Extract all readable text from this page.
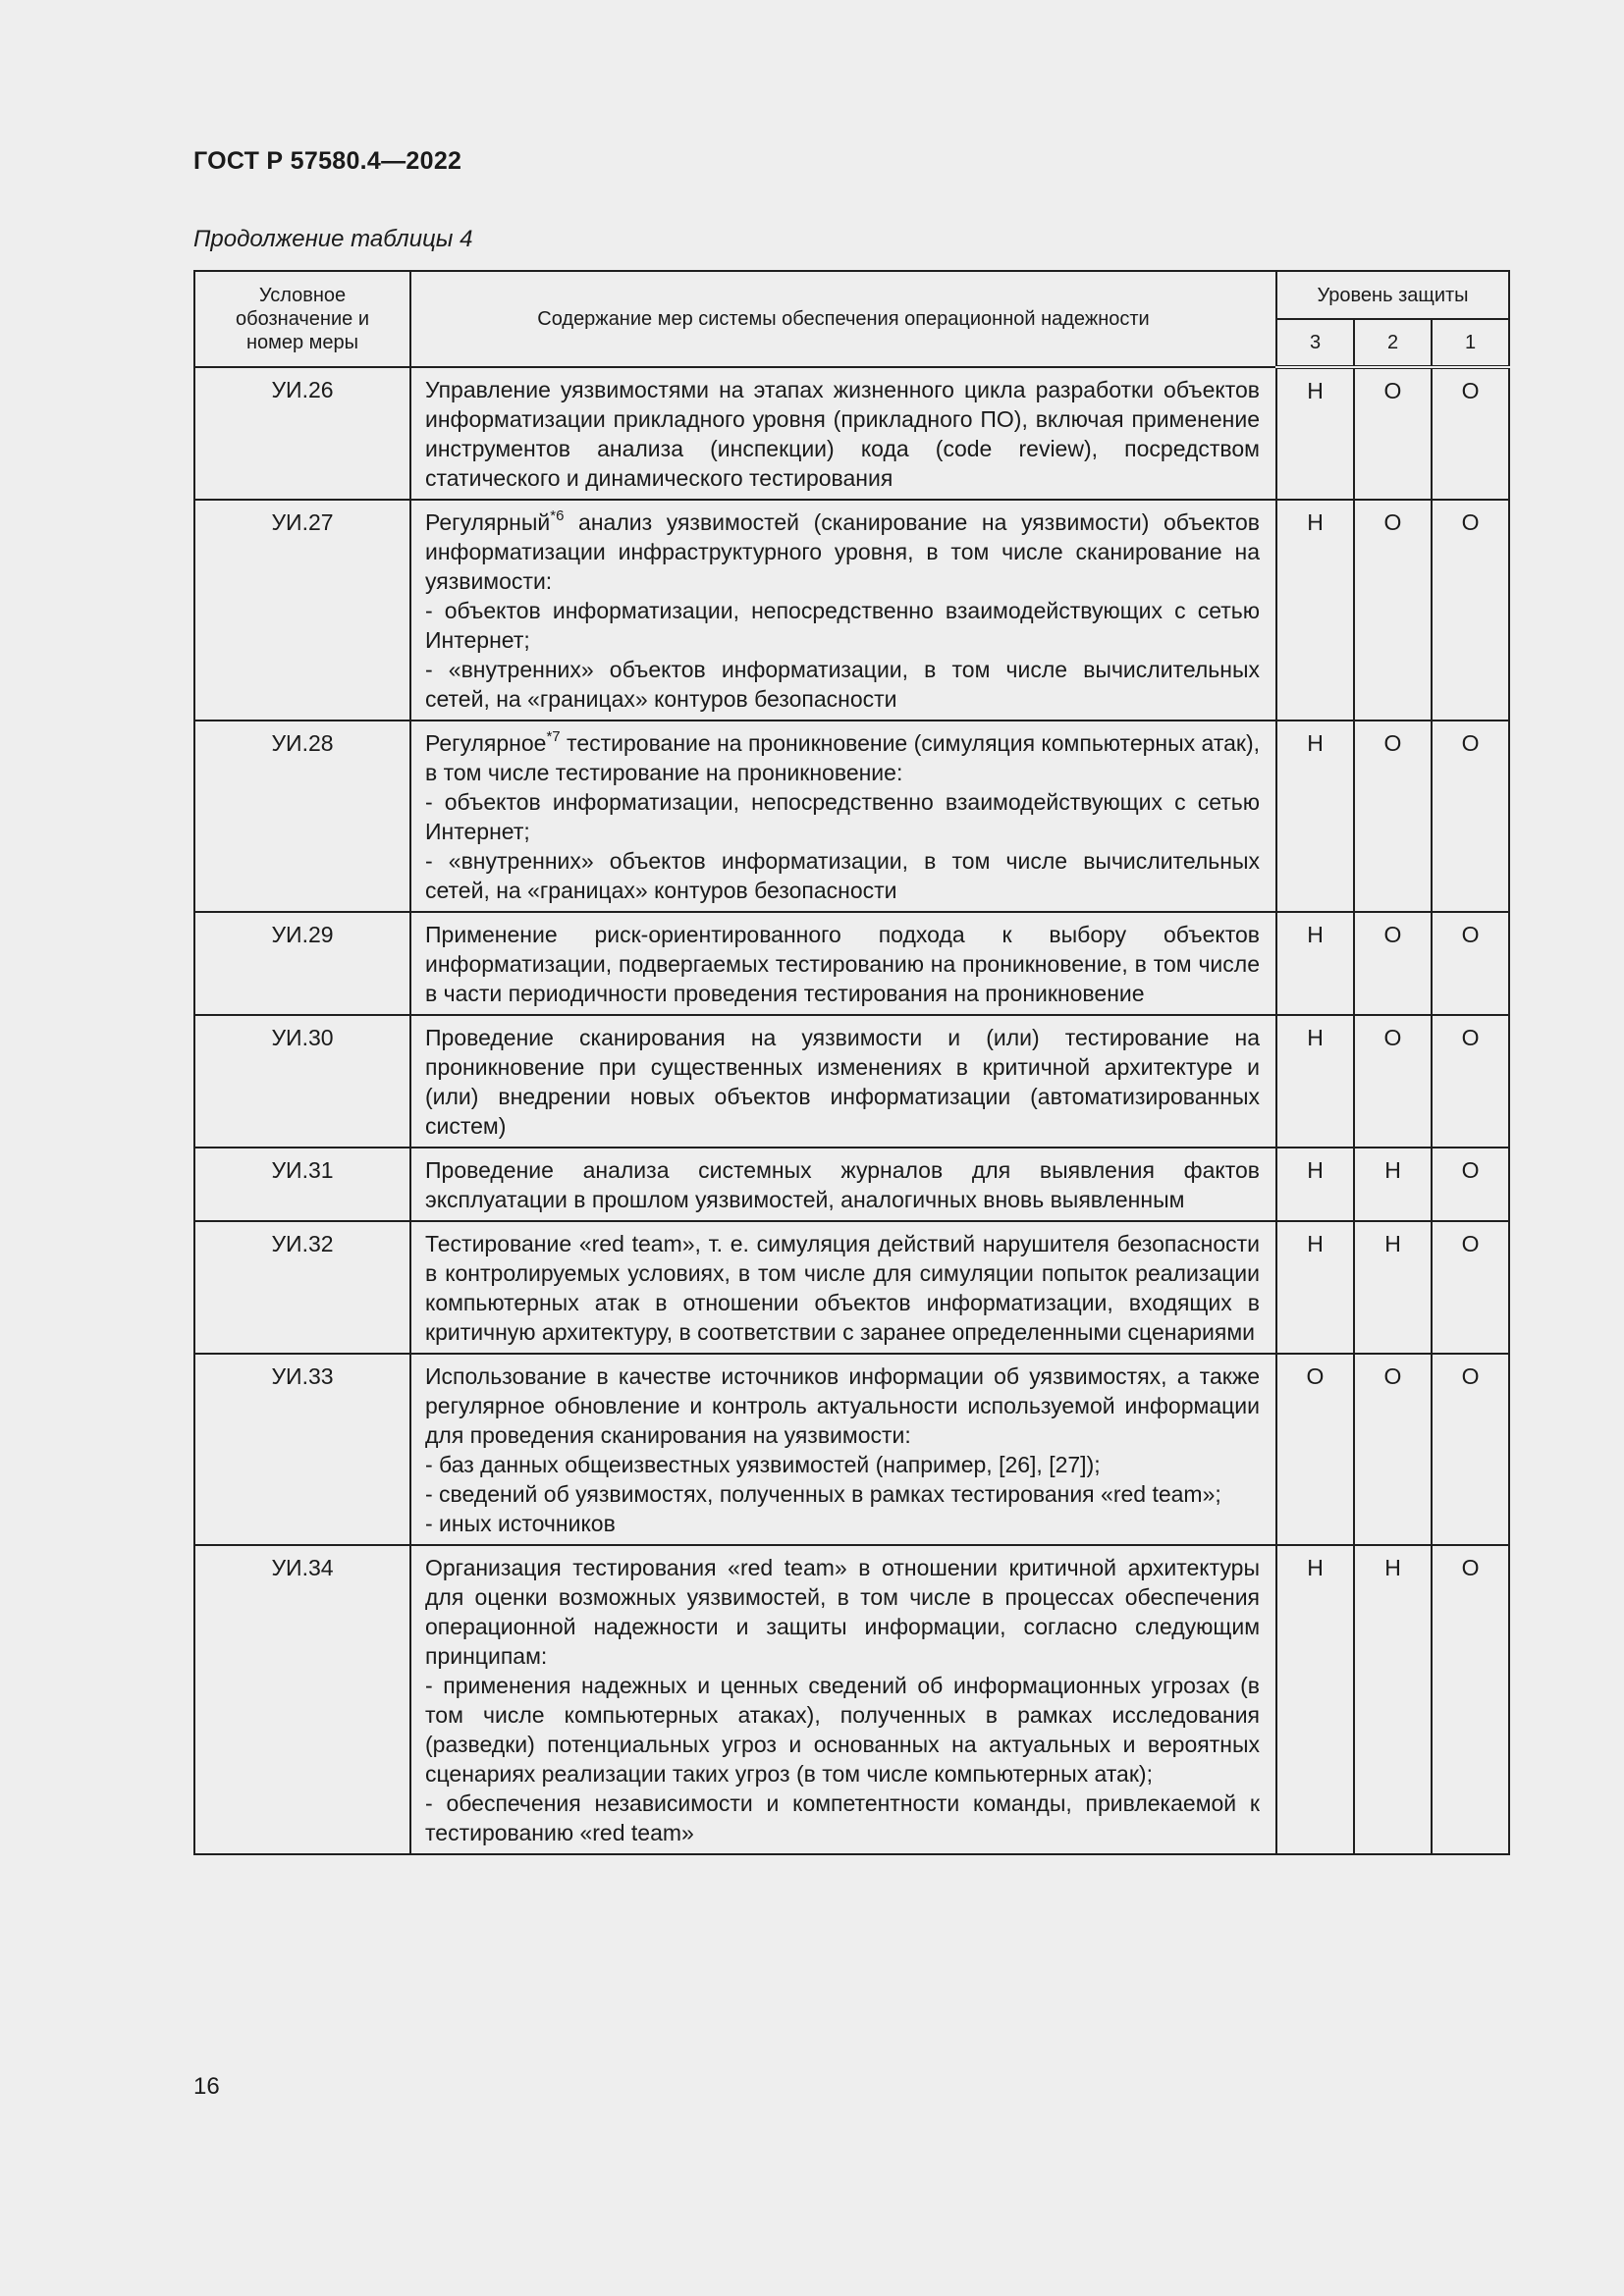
ГОСТ Р 57580.4—2022
Продолжение таблицы 4
Условное обозначение и номер меры	Содержание мер системы обеспечения операционной надежности	Уровень защиты		
		3	2	1
УИ.26	Управление уязвимостями на этапах жизненного цикла разработки объектов информатизации прикладного уровня (прикладного ПО), включая применение инструментов анализа (инспекции) кода (code review), посредством статического и динамического тестирования	Н	О	О
УИ.27	Регулярный$^{*6}$ анализ уязвимостей (сканирование на уязвимости) объектов информатизации инфраструктурного уровня, в том числе сканирование на уязвимости:

- объектов информатизации, непосредственно взаимодействующих с сетью Интернет;

- «внутренних» объектов информатизации, в том числе вычислительных сетей, на «границах» контуров безопасности	Н	О	О
УИ.28	Регулярное$^{*7}$ тестирование на проникновение (симуляция компьютерных атак), в том числе тестирование на проникновение:

- объектов информатизации, непосредственно взаимодействующих с сетью Интернет;

- «внутренних» объектов информатизации, в том числе вычислительных сетей, на «границах» контуров безопасности	Н	О	О
УИ.29	Применение риск-ориентированного подхода к выбору объектов информатизации, подвергаемых тестированию на проникновение, в том числе в части периодичности проведения тестирования на проникновение	Н	О	О
УИ.30	Проведение сканирования на уязвимости и (или) тестирование на проникновение при существенных изменениях в критичной архитектуре и (или) внедрении новых объектов информатизации (автоматизированных систем)	Н	О	О
УИ.31	Проведение анализа системных журналов для выявления фактов эксплуатации в прошлом уязвимостей, аналогичных вновь выявленным	Н	Н	О
УИ.32	Тестирование «red team», т. е. симуляция действий нарушителя безопасности в контролируемых условиях, в том числе для симуляции попыток реализации компьютерных атак в отношении объектов информатизации, входящих в критичную архитектуру, в соответствии с заранее определенными сценариями	Н	Н	О
УИ.33	Использование в качестве источников информации об уязвимостях, а также регулярное обновление и контроль актуальности используемой информации для проведения сканирования на уязвимости:

- баз данных общеизвестных уязвимостей (например, [26], [27]);

- сведений об уязвимостях, полученных в рамках тестирования «red team»;

- иных источников	О	О	О
УИ.34	Организация тестирования «red team» в отношении критичной архитектуры для оценки возможных уязвимостей, в том числе в процессах обеспечения операционной надежности и защиты информации, согласно следующим принципам:

- применения надежных и ценных сведений об информационных угрозах (в том числе компьютерных атаках), полученных в рамках исследования (разведки) потенциальных угроз и основанных на актуальных и вероятных сценариях реализации таких угроз (в том числе компьютерных атак);

- обеспечения независимости и компетентности команды, привлекаемой к тестированию «red team»	Н	Н	О
16
